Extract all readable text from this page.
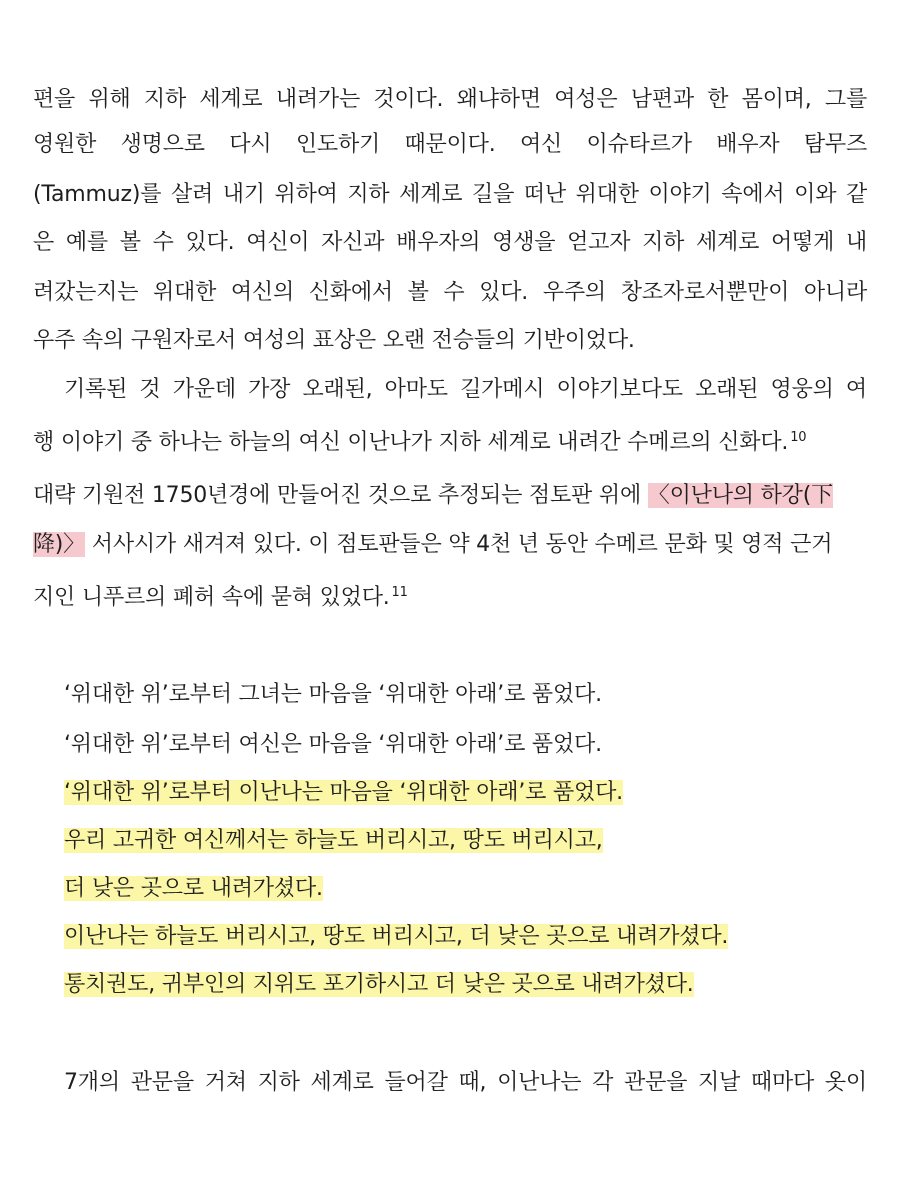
편을 위해 지하 세계로 내려가는 것이다. 왜냐하면 여성은 남편과 한 몸이며, 그를
영원한 생명으로 다시 인도하기 때문이다. 여신 이슈타르가 배우자 탐무즈
(Tammuz)를 살려 내기 위하여 지하 세계로 길을 떠난 위대한 이야기 속에서 이와 같
은 예를 볼 수 있다. 여신이 자신과 배우자의 영생을 얻고자 지하 세계로 어떻게 내
려갔는지는 위대한 여신의 신화에서 볼 수 있다. 우주의 창조자로서뿐만이 아니라
우주 속의 구원자로서 여성의 표상은 오랜 전승들의 기반이었다.
기록된 것 가운데 가장 오래된, 아마도 길가메시 이야기보다도 오래된 영웅의 여
행 이야기 중 하나는 하늘의 여신 이난나가 지하 세계로 내려간 수메르의 신화다. $^{10}$
대략 기원전 1750년경에 만들어진 것으로 추정되는 점토판 위에 〈이난나의 하강(下
降)〉 서사시가 새겨져 있다. 이 점토판들은 약 4천 년 동안 수메르 문화 및 영적 근거
지인 니푸르의 폐허 속에 묻혀 있었다. $^{11}$
‘위대한 위’로부터 그녀는 마음을 ‘위대한 아래’로 품었다.
‘위대한 위’로부터 여신은 마음을 ‘위대한 아래’로 품었다.
‘위대한 위’로부터 이난나는 마음을 ‘위대한 아래’로 품었다.
우리 고귀한 여신께서는 하늘도 버리시고, 땅도 버리시고,
더 낮은 곳으로 내려가셨다.
이난나는 하늘도 버리시고, 땅도 버리시고, 더 낮은 곳으로 내려가셨다.
통치권도, 귀부인의 지위도 포기하시고 더 낮은 곳으로 내려가셨다.
7개의 관문을 거쳐 지하 세계로 들어갈 때, 이난나는 각 관문을 지날 때마다 옷이
